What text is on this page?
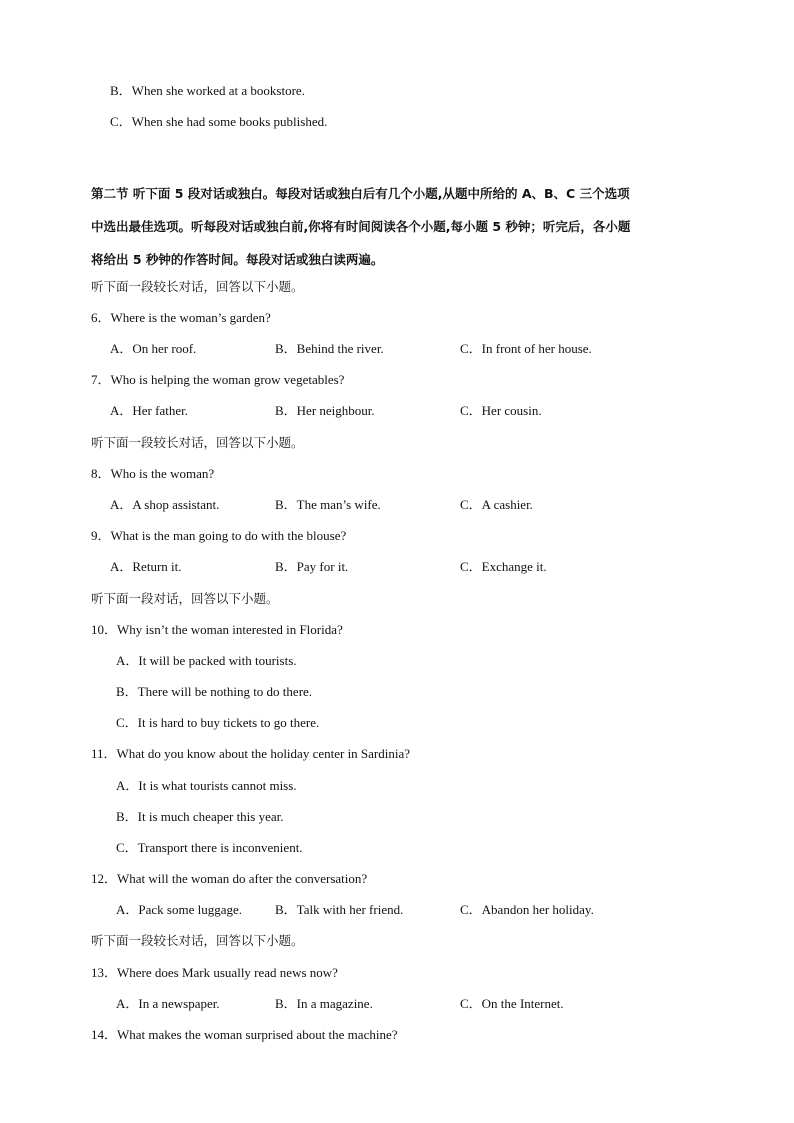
B．When she worked at a bookstore.
C．When she had some books published.
第二节 听下面 5 段对话或独白。每段对话或独白后有几个小题,从题中所给的 A、B、C 三个选项
中选出最佳选项。听每段对话或独白前,你将有时间阅读各个小题,每小题 5 秒钟；听完后，各小题
将给出 5 秒钟的作答时间。每段对话或独白读两遍。
听下面一段较长对话，回答以下小题。
6．Where is the woman’s garden?
A．On her roof.	B．Behind the river.	C．In front of her house.
7．Who is helping the woman grow vegetables?
A．Her father.	B．Her neighbour.	C．Her cousin.
听下面一段较长对话，回答以下小题。
8．Who is the woman?
A．A shop assistant.	B．The man’s wife.	C．A cashier.
9．What is the man going to do with the blouse?
A．Return it.	B．Pay for it.	C．Exchange it.
听下面一段对话，回答以下小题。
10．Why isn’t the woman interested in Florida?
A．It will be packed with tourists.
B．There will be nothing to do there.
C．It is hard to buy tickets to go there.
11．What do you know about the holiday center in Sardinia?
A．It is what tourists cannot miss.
B．It is much cheaper this year.
C．Transport there is inconvenient.
12．What will the woman do after the conversation?
A．Pack some luggage.	B．Talk with her friend.	C．Abandon her holiday.
听下面一段较长对话，回答以下小题。
13．Where does Mark usually read news now?
A．In a newspaper.	B．In a magazine.	C．On the Internet.
14．What makes the woman surprised about the machine?
